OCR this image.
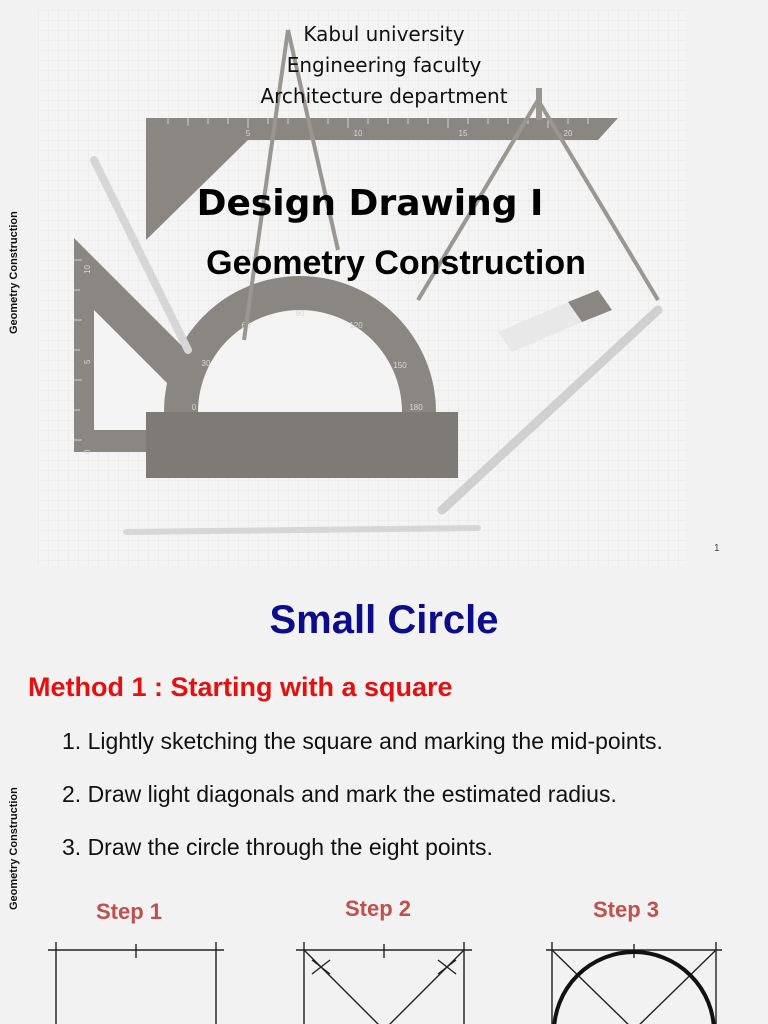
5	10	15	20
10
5
0
0
30
60
90
120
150
180
Geometry Construction
Kabul university
Engineering faculty
Architecture department
Design Drawing I
Geometry Construction
1
Geometry Construction
Small Circle
Method 1 : Starting with a square
1. Lightly sketching the square and marking the mid-points.
2. Draw light diagonals and mark the estimated radius.
3. Draw the circle through the eight points.
Step 1	Step 2	Step 3
